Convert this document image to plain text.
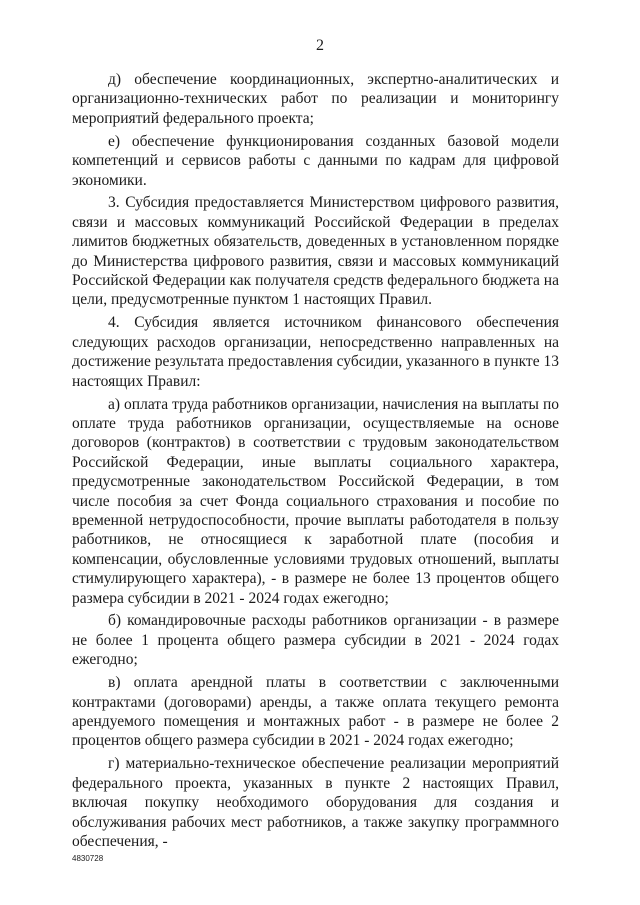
2

д) обеспечение координационных, экспертно-аналитических и организационно-технических работ по реализации и мониторингу мероприятий федерального проекта;

е) обеспечение функционирования созданных базовой модели компетенций и сервисов работы с данными по кадрам для цифровой экономики.

3. Субсидия предоставляется Министерством цифрового развития, связи и массовых коммуникаций Российской Федерации в пределах лимитов бюджетных обязательств, доведенных в установленном порядке до Министерства цифрового развития, связи и массовых коммуникаций Российской Федерации как получателя средств федерального бюджета на цели, предусмотренные пунктом 1 настоящих Правил.

4. Субсидия является источником финансового обеспечения следующих расходов организации, непосредственно направленных на достижение результата предоставления субсидии, указанного в пункте 13 настоящих Правил:

а) оплата труда работников организации, начисления на выплаты по оплате труда работников организации, осуществляемые на основе договоров (контрактов) в соответствии с трудовым законодательством Российской Федерации, иные выплаты социального характера, предусмотренные законодательством Российской Федерации, в том числе пособия за счет Фонда социального страхования и пособие по временной нетрудоспособности, прочие выплаты работодателя в пользу работников, не относящиеся к заработной плате (пособия и компенсации, обусловленные условиями трудовых отношений, выплаты стимулирующего характера), - в размере не более 13 процентов общего размера субсидии в 2021 - 2024 годах ежегодно;

б) командировочные расходы работников организации - в размере не более 1 процента общего размера субсидии в 2021 - 2024 годах ежегодно;

в) оплата арендной платы в соответствии с заключенными контрактами (договорами) аренды, а также оплата текущего ремонта арендуемого помещения и монтажных работ - в размере не более 2 процентов общего размера субсидии в 2021 - 2024 годах ежегодно;

г) материально-техническое обеспечение реализации мероприятий федерального проекта, указанных в пункте 2 настоящих Правил, включая покупку необходимого оборудования для создания и обслуживания рабочих мест работников, а также закупку программного обеспечения, -

4830728
